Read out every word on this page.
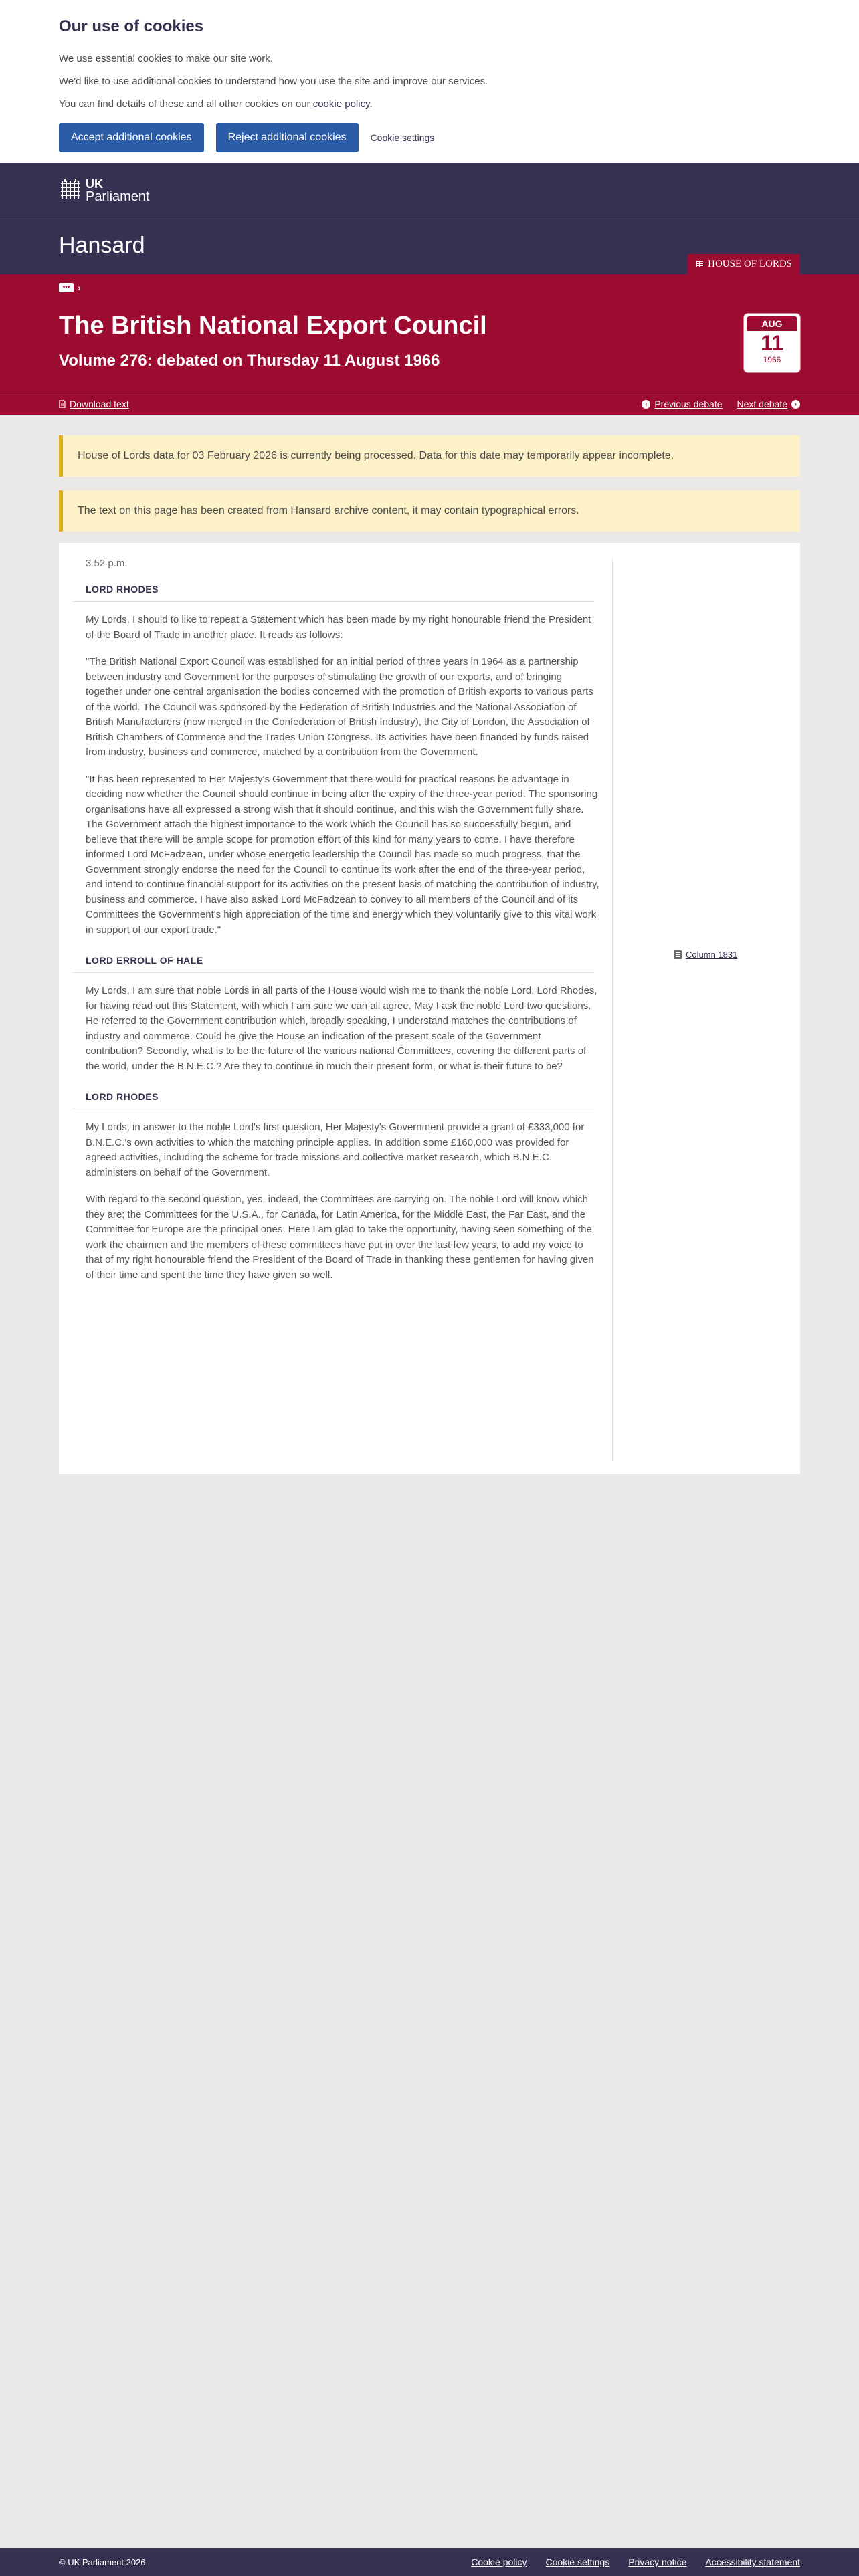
Our use of cookies

We use essential cookies to make our site work.

We'd like to use additional cookies to understand how you use the site and improve our services.

You can find details of these and all other cookies on our cookie policy.

Accept additional cookies	Reject additional cookies	Cookie settings
UK
Parliament
Hansard
HOUSE OF LORDS
••• ›
The British National Export Council
Volume 276: debated on Thursday 11 August 1966
AUG
11
1966
Download text	‹ Previous debate Next debate	›
House of Lords data for 03 February 2026 is currently being processed. Data for this date may temporarily appear incomplete.
The text on this page has been created from Hansard archive content, it may contain typographical errors.

3.52 p.m.

LORD RHODES

My Lords, I should to like to repeat a Statement which has been made by my right honourable friend the President of the Board of Trade in another place. It reads as follows:

"The British National Export Council was established for an initial period of three years in 1964 as a partnership between industry and Government for the purposes of stimulating the growth of our exports, and of bringing together under one central organisation the bodies concerned with the promotion of British exports to various parts of the world. The Council was sponsored by the Federation of British Industries and the National Association of British Manufacturers (now merged in the Confederation of British Industry), the City of London, the Association of British Chambers of Commerce and the Trades Union Congress. Its activities have been financed by funds raised from industry, business and commerce, matched by a contribution from the Government.

"It has been represented to Her Majesty's Government that there would for practical reasons be advantage in deciding now whether the Council should continue in being after the expiry of the three-year period. The sponsoring organisations have all expressed a strong wish that it should continue, and this wish the Government fully share. The Government attach the highest importance to the work which the Council has so successfully begun, and believe that there will be ample scope for promotion effort of this kind for many years to come. I have therefore informed Lord McFadzean, under whose energetic leadership the Council has made so much progress, that the Government strongly endorse the need for the Council to continue its work after the end of the three-year period, and intend to continue financial support for its activities on the present basis of matching the contribution of industry, business and commerce. I have also asked Lord McFadzean to convey to all members of the Council and of its Committees the Government's high appreciation of the time and energy which they voluntarily give to this vital work in support of our export trade."

LORD ERROLL OF HALE

My Lords, I am sure that noble Lords in all parts of the House would wish me to thank the noble Lord, Lord Rhodes, for having read out this Statement, with which I am sure we can all agree. May I ask the noble Lord two questions. He referred to the Government contribution which, broadly speaking, I understand matches the contributions of industry and commerce. Could he give the House an indication of the present scale of the Government contribution? Secondly, what is to be the future of the various national Committees, covering the different parts of the world, under the B.N.E.C.? Are they to continue in much their present form, or what is their future to be?

LORD RHODES

My Lords, in answer to the noble Lord's first question, Her Majesty's Government provide a grant of £333,000 for B.N.E.C.'s own activities to which the matching principle applies. In addition some £160,000 was provided for agreed activities, including the scheme for trade missions and collective market research, which B.N.E.C. administers on behalf of the Government.

With regard to the second question, yes, indeed, the Committees are carrying on. The noble Lord will know which they are; the Committees for the U.S.A., for Canada, for Latin America, for the Middle East, the Far East, and the Committee for Europe are the principal ones. Here I am glad to take the opportunity, having seen something of the work the chairmen and the members of these committees have put in over the last few years, to add my voice to that of my right honourable friend the President of the Board of Trade in thanking these gentlemen for having given of their time and spent the time they have given so well.

Column 1831
© UK Parliament 2026	Cookie policy Cookie settings Privacy notice Accessibility statement
